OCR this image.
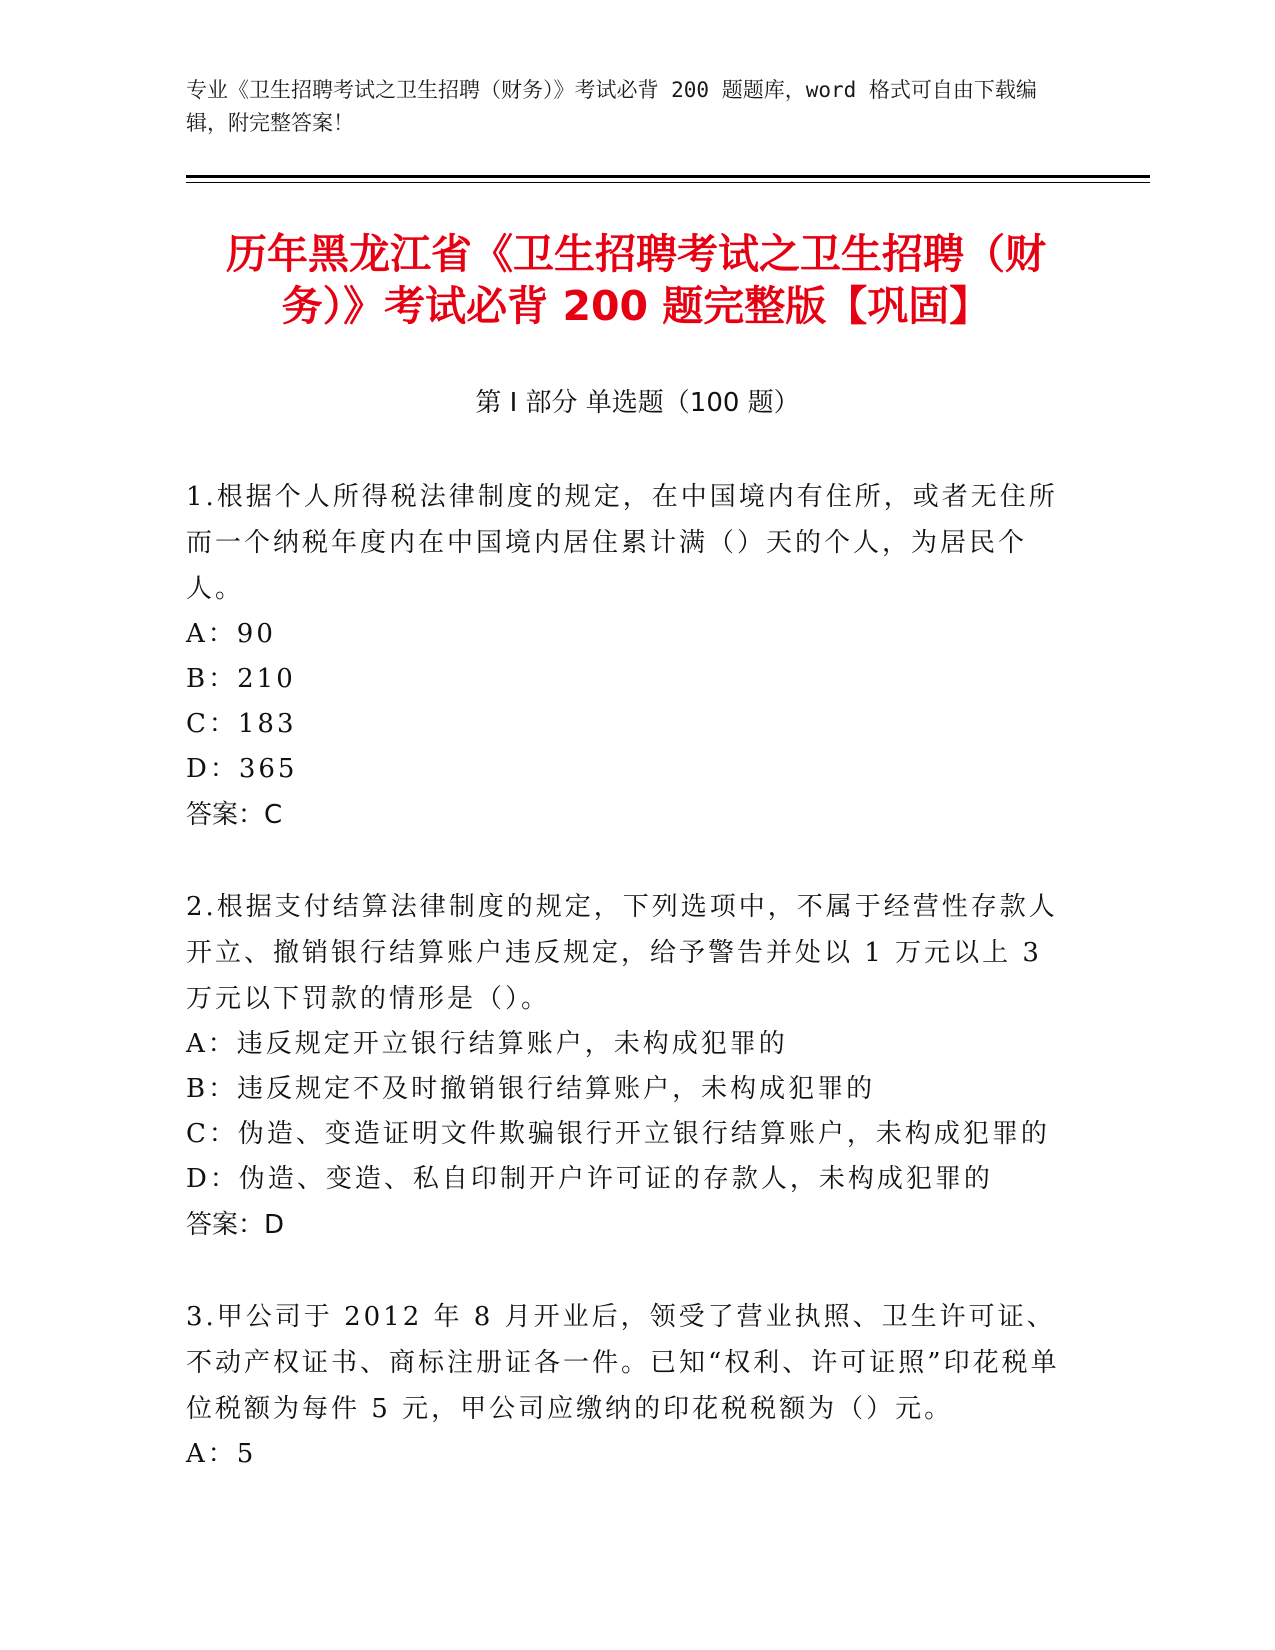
专业《卫生招聘考试之卫生招聘（财务）》考试必背 200 题题库，word 格式可自由下载编辑，附完整答案！
历年黑龙江省《卫生招聘考试之卫生招聘（财务）》考试必背 200 题完整版【巩固】
第 I 部分 单选题（100 题）
1.根据个人所得税法律制度的规定，在中国境内有住所，或者无住所而一个纳税年度内在中国境内居住累计满（）天的个人，为居民个人。
A：90
B：210
C：183
D：365
答案：C
2.根据支付结算法律制度的规定，下列选项中，不属于经营性存款人开立、撤销银行结算账户违反规定，给予警告并处以 1 万元以上 3 万元以下罚款的情形是（）。
A：违反规定开立银行结算账户，未构成犯罪的
B：违反规定不及时撤销银行结算账户，未构成犯罪的
C：伪造、变造证明文件欺骗银行开立银行结算账户，未构成犯罪的
D：伪造、变造、私自印制开户许可证的存款人，未构成犯罪的
答案：D
3.甲公司于 2012 年 8 月开业后，领受了营业执照、卫生许可证、不动产权证书、商标注册证各一件。已知“权利、许可证照”印花税单位税额为每件 5 元，甲公司应缴纳的印花税税额为（）元。
A：5
